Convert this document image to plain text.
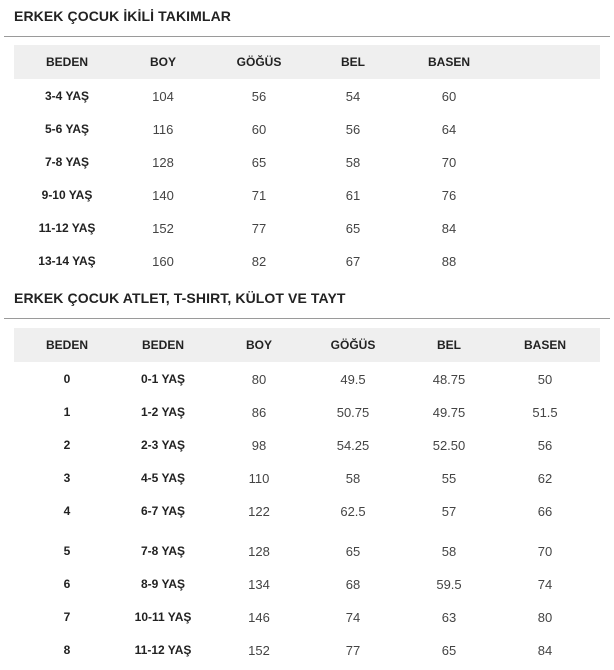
ERKEK ÇOCUK İKİLİ TAKIMLAR
BEDEN	BOY	GÖĞÜS	BEL	BASEN
3-4 YAŞ	104	56	54	60
5-6 YAŞ	116	60	56	64
7-8 YAŞ	128	65	58	70
9-10 YAŞ	140	71	61	76
11-12 YAŞ	152	77	65	84
13-14 YAŞ	160	82	67	88
ERKEK ÇOCUK ATLET, T-SHIRT, KÜLOT VE TAYT
BEDEN	BEDEN	BOY	GÖĞÜS	BEL	BASEN
0	0-1 YAŞ	80	49.5	48.75	50
1	1-2 YAŞ	86	50.75	49.75	51.5
2	2-3 YAŞ	98	54.25	52.50	56
3	4-5 YAŞ	110	58	55	62
4	6-7 YAŞ	122	62.5	57	66
5	7-8 YAŞ	128	65	58	70
6	8-9 YAŞ	134	68	59.5	74
7	10-11 YAŞ	146	74	63	80
8	11-12 YAŞ	152	77	65	84
